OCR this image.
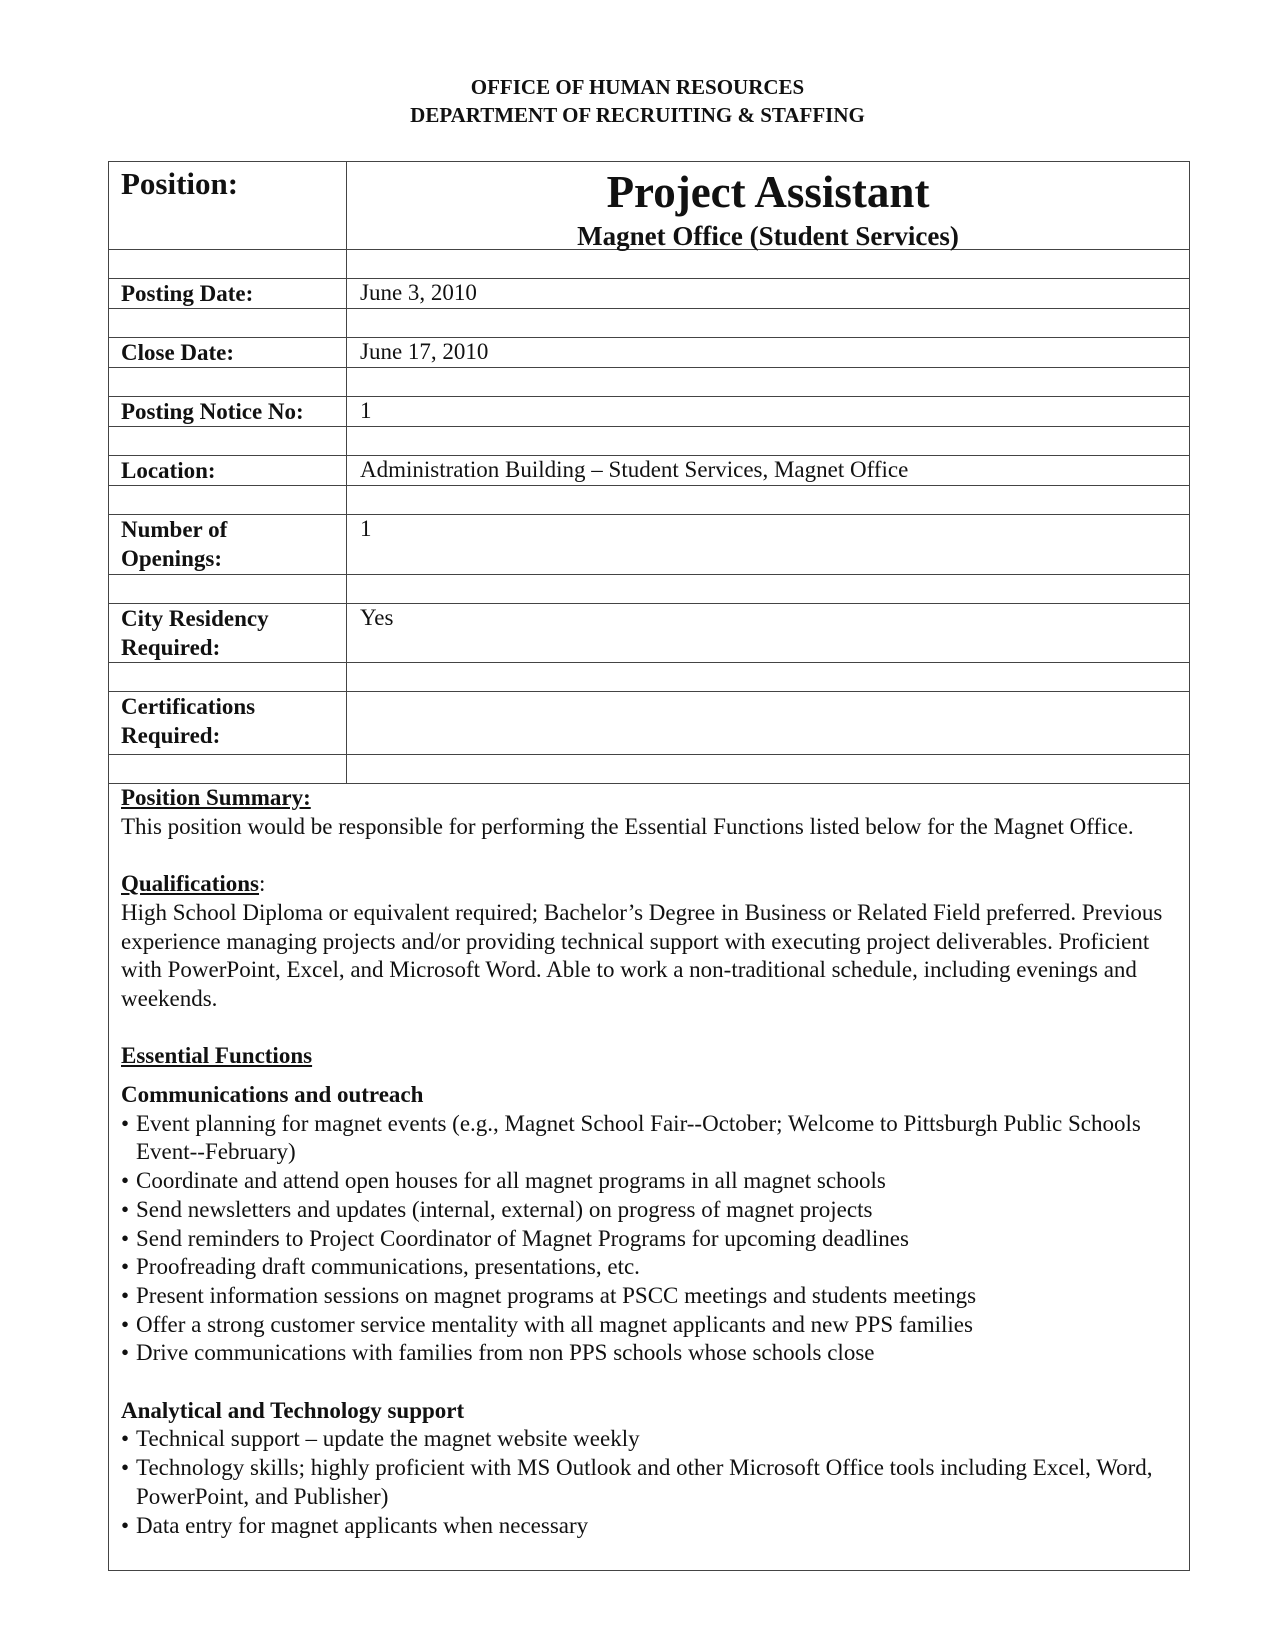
OFFICE OF HUMAN RESOURCES
DEPARTMENT OF RECRUITING & STAFFING
Position:	Project Assistant
Magnet Office (Student Services)
Posting Date:	June 3, 2010
Close Date:	June 17, 2010
Posting Notice No: 1
Location:	Administration Building – Student Services, Magnet Office
Number of
Openings:
1
City Residency
Required:
Yes
Certifications
Required:

Position Summary:

This position would be responsible for performing the Essential Functions listed below for the Magnet Office.

Qualifications:

High School Diploma or equivalent required; Bachelor’s Degree in Business or Related Field preferred. Previous experience managing projects and/or providing technical support with executing project deliverables. Proficient with PowerPoint, Excel, and Microsoft Word. Able to work a non-traditional schedule, including evenings and weekends.

Essential Functions

Communications and outreach

• Event planning for magnet events (e.g., Magnet School Fair--October; Welcome to Pittsburgh Public Schools Event--February)
• Coordinate and attend open houses for all magnet programs in all magnet schools
• Send newsletters and updates (internal, external) on progress of magnet projects
• Send reminders to Project Coordinator of Magnet Programs for upcoming deadlines
• Proofreading draft communications, presentations, etc.
• Present information sessions on magnet programs at PSCC meetings and students meetings
• Offer a strong customer service mentality with all magnet applicants and new PPS families
• Drive communications with families from non PPS schools whose schools close

Analytical and Technology support

• Technical support – update the magnet website weekly
• Technology skills; highly proficient with MS Outlook and other Microsoft Office tools including Excel, Word, PowerPoint, and Publisher)
• Data entry for magnet applicants when necessary
